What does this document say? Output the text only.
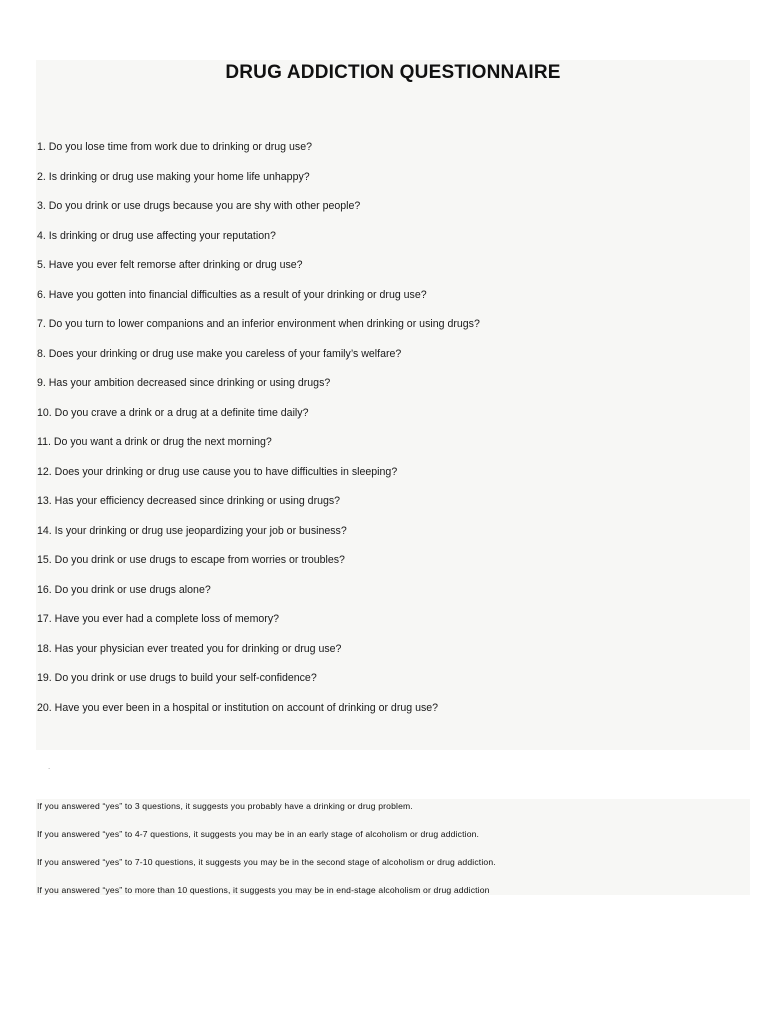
DRUG ADDICTION QUESTIONNAIRE
1. Do you lose time from work due to drinking or drug use?
2. Is drinking or drug use making your home life unhappy?
3. Do you drink or use drugs because you are shy with other people?
4. Is drinking or drug use affecting your reputation?
5. Have you ever felt remorse after drinking or drug use?
6. Have you gotten into financial difficulties as a result of your drinking or drug use?
7. Do you turn to lower companions and an inferior environment when drinking or using drugs?
8. Does your drinking or drug use make you careless of your family’s welfare?
9. Has your ambition decreased since drinking or using drugs?
10. Do you crave a drink or a drug at a definite time daily?
11. Do you want a drink or drug the next morning?
12. Does your drinking or drug use cause you to have difficulties in sleeping?
13. Has your efficiency decreased since drinking or using drugs?
14. Is your drinking or drug use jeopardizing your job or business?
15. Do you drink or use drugs to escape from worries or troubles?
16. Do you drink or use drugs alone?
17. Have you ever had a complete loss of memory?
18. Has your physician ever treated you for drinking or drug use?
19. Do you drink or use drugs to build your self-confidence?
20. Have you ever been in a hospital or institution on account of drinking or drug use?
.
If you answered “yes” to 3 questions, it suggests you probably have a drinking or drug problem.
If you answered “yes” to 4-7 questions, it suggests you may be in an early stage of alcoholism or drug addiction.
If you answered “yes” to 7-10 questions, it suggests you may be in the second stage of alcoholism or drug addiction.
If you answered “yes” to more than 10 questions, it suggests you may be in end-stage alcoholism or drug addiction
